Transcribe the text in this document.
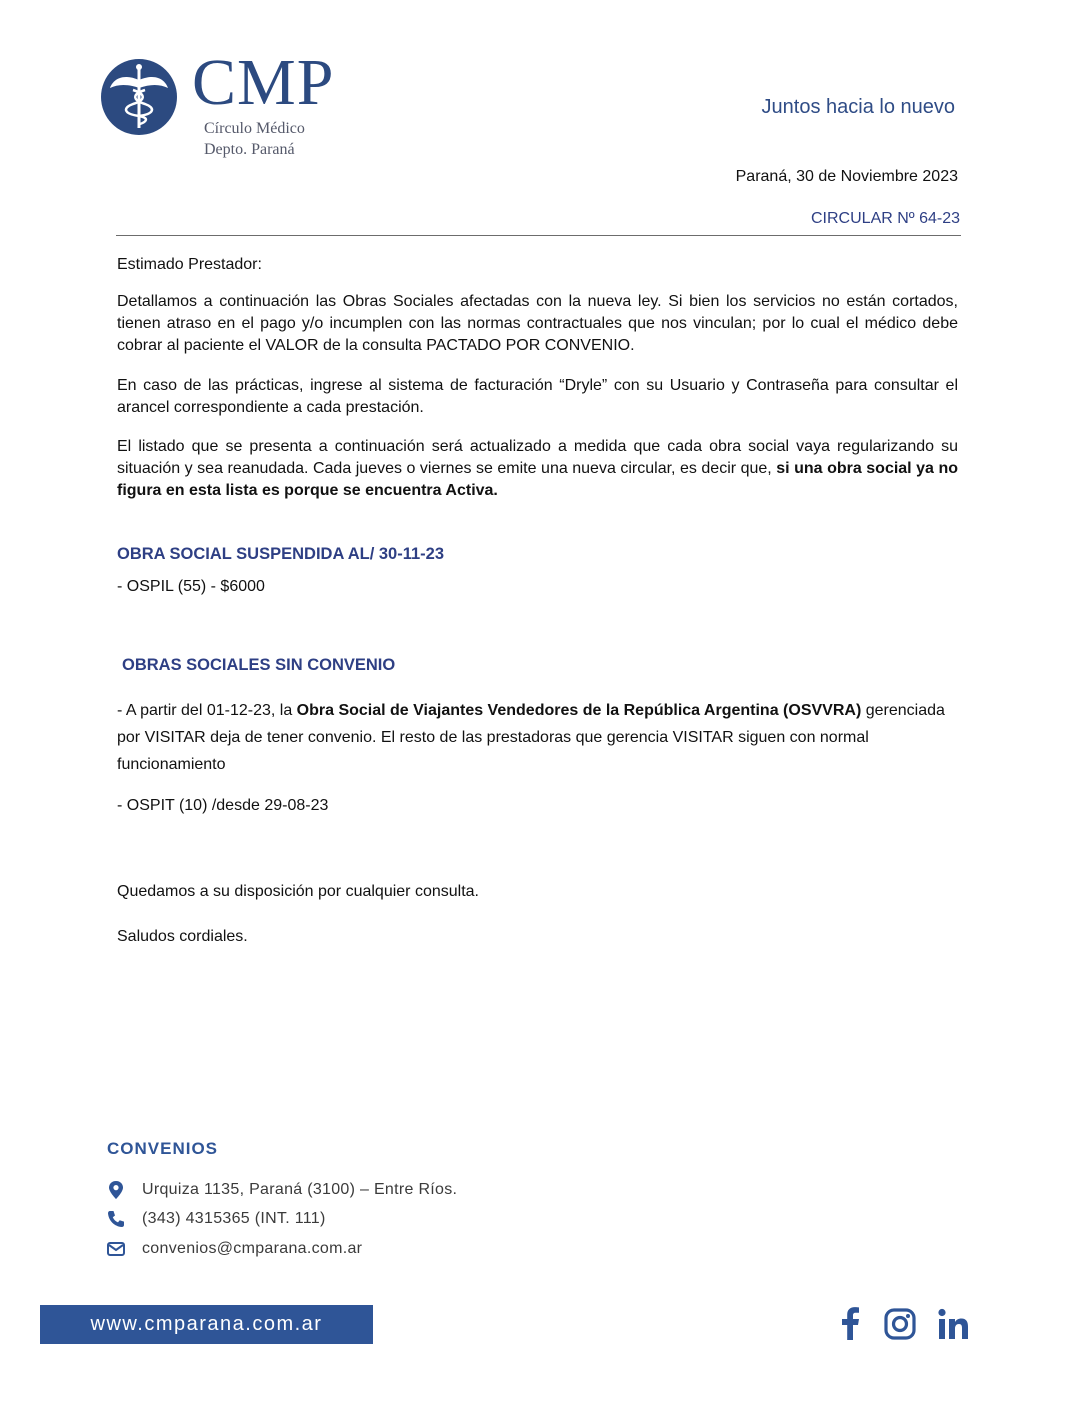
CMP
Círculo Médico
Depto. Paraná
Juntos hacia lo nuevo
Paraná, 30 de Noviembre 2023
CIRCULAR Nº 64-23
Estimado Prestador:
Detallamos a continuación las Obras Sociales afectadas con la nueva ley. Si bien los servicios no están cortados, tienen atraso en el pago y/o incumplen con las normas contractuales que nos vinculan; por lo cual el médico debe cobrar al paciente el VALOR de la consulta PACTADO POR CONVENIO.
En caso de las prácticas, ingrese al sistema de facturación “Dryle” con su Usuario y Contraseña para consultar el arancel correspondiente a cada prestación.
El listado que se presenta a continuación será actualizado a medida que cada obra social vaya regularizando su situación y sea reanudada. Cada jueves o viernes se emite una nueva circular, es decir que, si una obra social ya no figura en esta lista es porque se encuentra Activa.
OBRA SOCIAL SUSPENDIDA AL/ 30-11-23
- OSPIL (55) - $6000
OBRAS SOCIALES SIN CONVENIO
- A partir del 01-12-23, la Obra Social de Viajantes Vendedores de la República Argentina (OSVVRA) gerenciada por VISITAR deja de tener convenio. El resto de las prestadoras que gerencia VISITAR siguen con normal funcionamiento
- OSPIT (10) /desde 29-08-23
Quedamos a su disposición por cualquier consulta.
Saludos cordiales.
CONVENIOS
Urquiza 1135, Paraná (3100) – Entre Ríos.
(343) 4315365 (INT. 111)
convenios@cmparana.com.ar
www.cmparana.com.ar
